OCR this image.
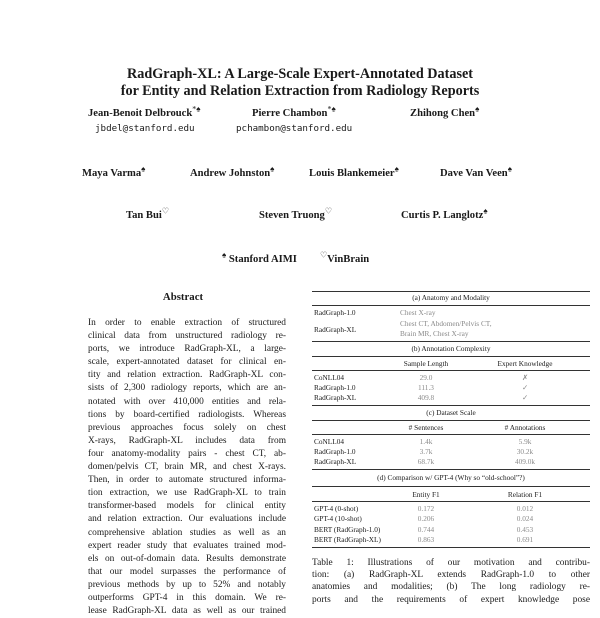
RadGraph-XL: A Large-Scale Expert-Annotated Dataset
for Entity and Relation Extraction from Radiology Reports
Jean-Benoit Delbrouck*♠
jbdel@stanford.edu
Pierre Chambon*♠
pchambon@stanford.edu
Zhihong Chen♠
Maya Varma♠	Andrew Johnston♠	Louis Blankemeier♠	Dave Van Veen♠
Tan Bui♡	Steven Truong♡	Curtis P. Langlotz♠
♠ Stanford AIMI	♡VinBrain
Abstract
In order to enable extraction of structured
clinical data from unstructured radiology re-
ports, we introduce RadGraph-XL, a large-
scale, expert-annotated dataset for clinical en-
tity and relation extraction. RadGraph-XL con-
sists of 2,300 radiology reports, which are an-
notated with over 410,000 entities and rela-
tions by board-certified radiologists. Whereas
previous approaches focus solely on chest
X-rays, RadGraph-XL includes data from
four anatomy-modality pairs - chest CT, ab-
domen/pelvis CT, brain MR, and chest X-rays.
Then, in order to automate structured informa-
tion extraction, we use RadGraph-XL to train
transformer-based models for clinical entity
and relation extraction. Our evaluations include
comprehensive ablation studies as well as an
expert reader study that evaluates trained mod-
els on out-of-domain data. Results demonstrate
that our model surpasses the performance of
previous methods by up to 52% and notably
outperforms GPT-4 in this domain. We re-
lease RadGraph-XL data as well as our trained
(a) Anatomy and Modality
RadGraph-1.0	Chest X-ray
RadGraph-XL
Chest CT, Abdomen/Pelvis CT,
Brain MR, Chest X-ray
(b) Annotation Complexity
Sample Length	Expert Knowledge
CoNLL04	29.0	✗
RadGraph-1.0	111.3	✓
RadGraph-XL	409.8	✓
(c) Dataset Scale
# Sentences	# Annotations
CoNLL04	1.4k	5.9k
RadGraph-1.0	3.7k	30.2k
RadGraph-XL	68.7k	409.0k
(d) Comparison w/ GPT-4 (Why so “old-school”?)
Entity F1	Relation F1
GPT-4 (0-shot)	0.172	0.012
GPT-4 (10-shot)	0.206	0.024
BERT (RadGraph-1.0)	0.744	0.453
BERT (RadGraph-XL)	0.863	0.691
Table 1: Illustrations of our motivation and contribu-
tion: (a) RadGraph-XL extends RadGraph-1.0 to other
anatomies and modalities; (b) The long radiology re-
ports and the requirements of expert knowledge pose
